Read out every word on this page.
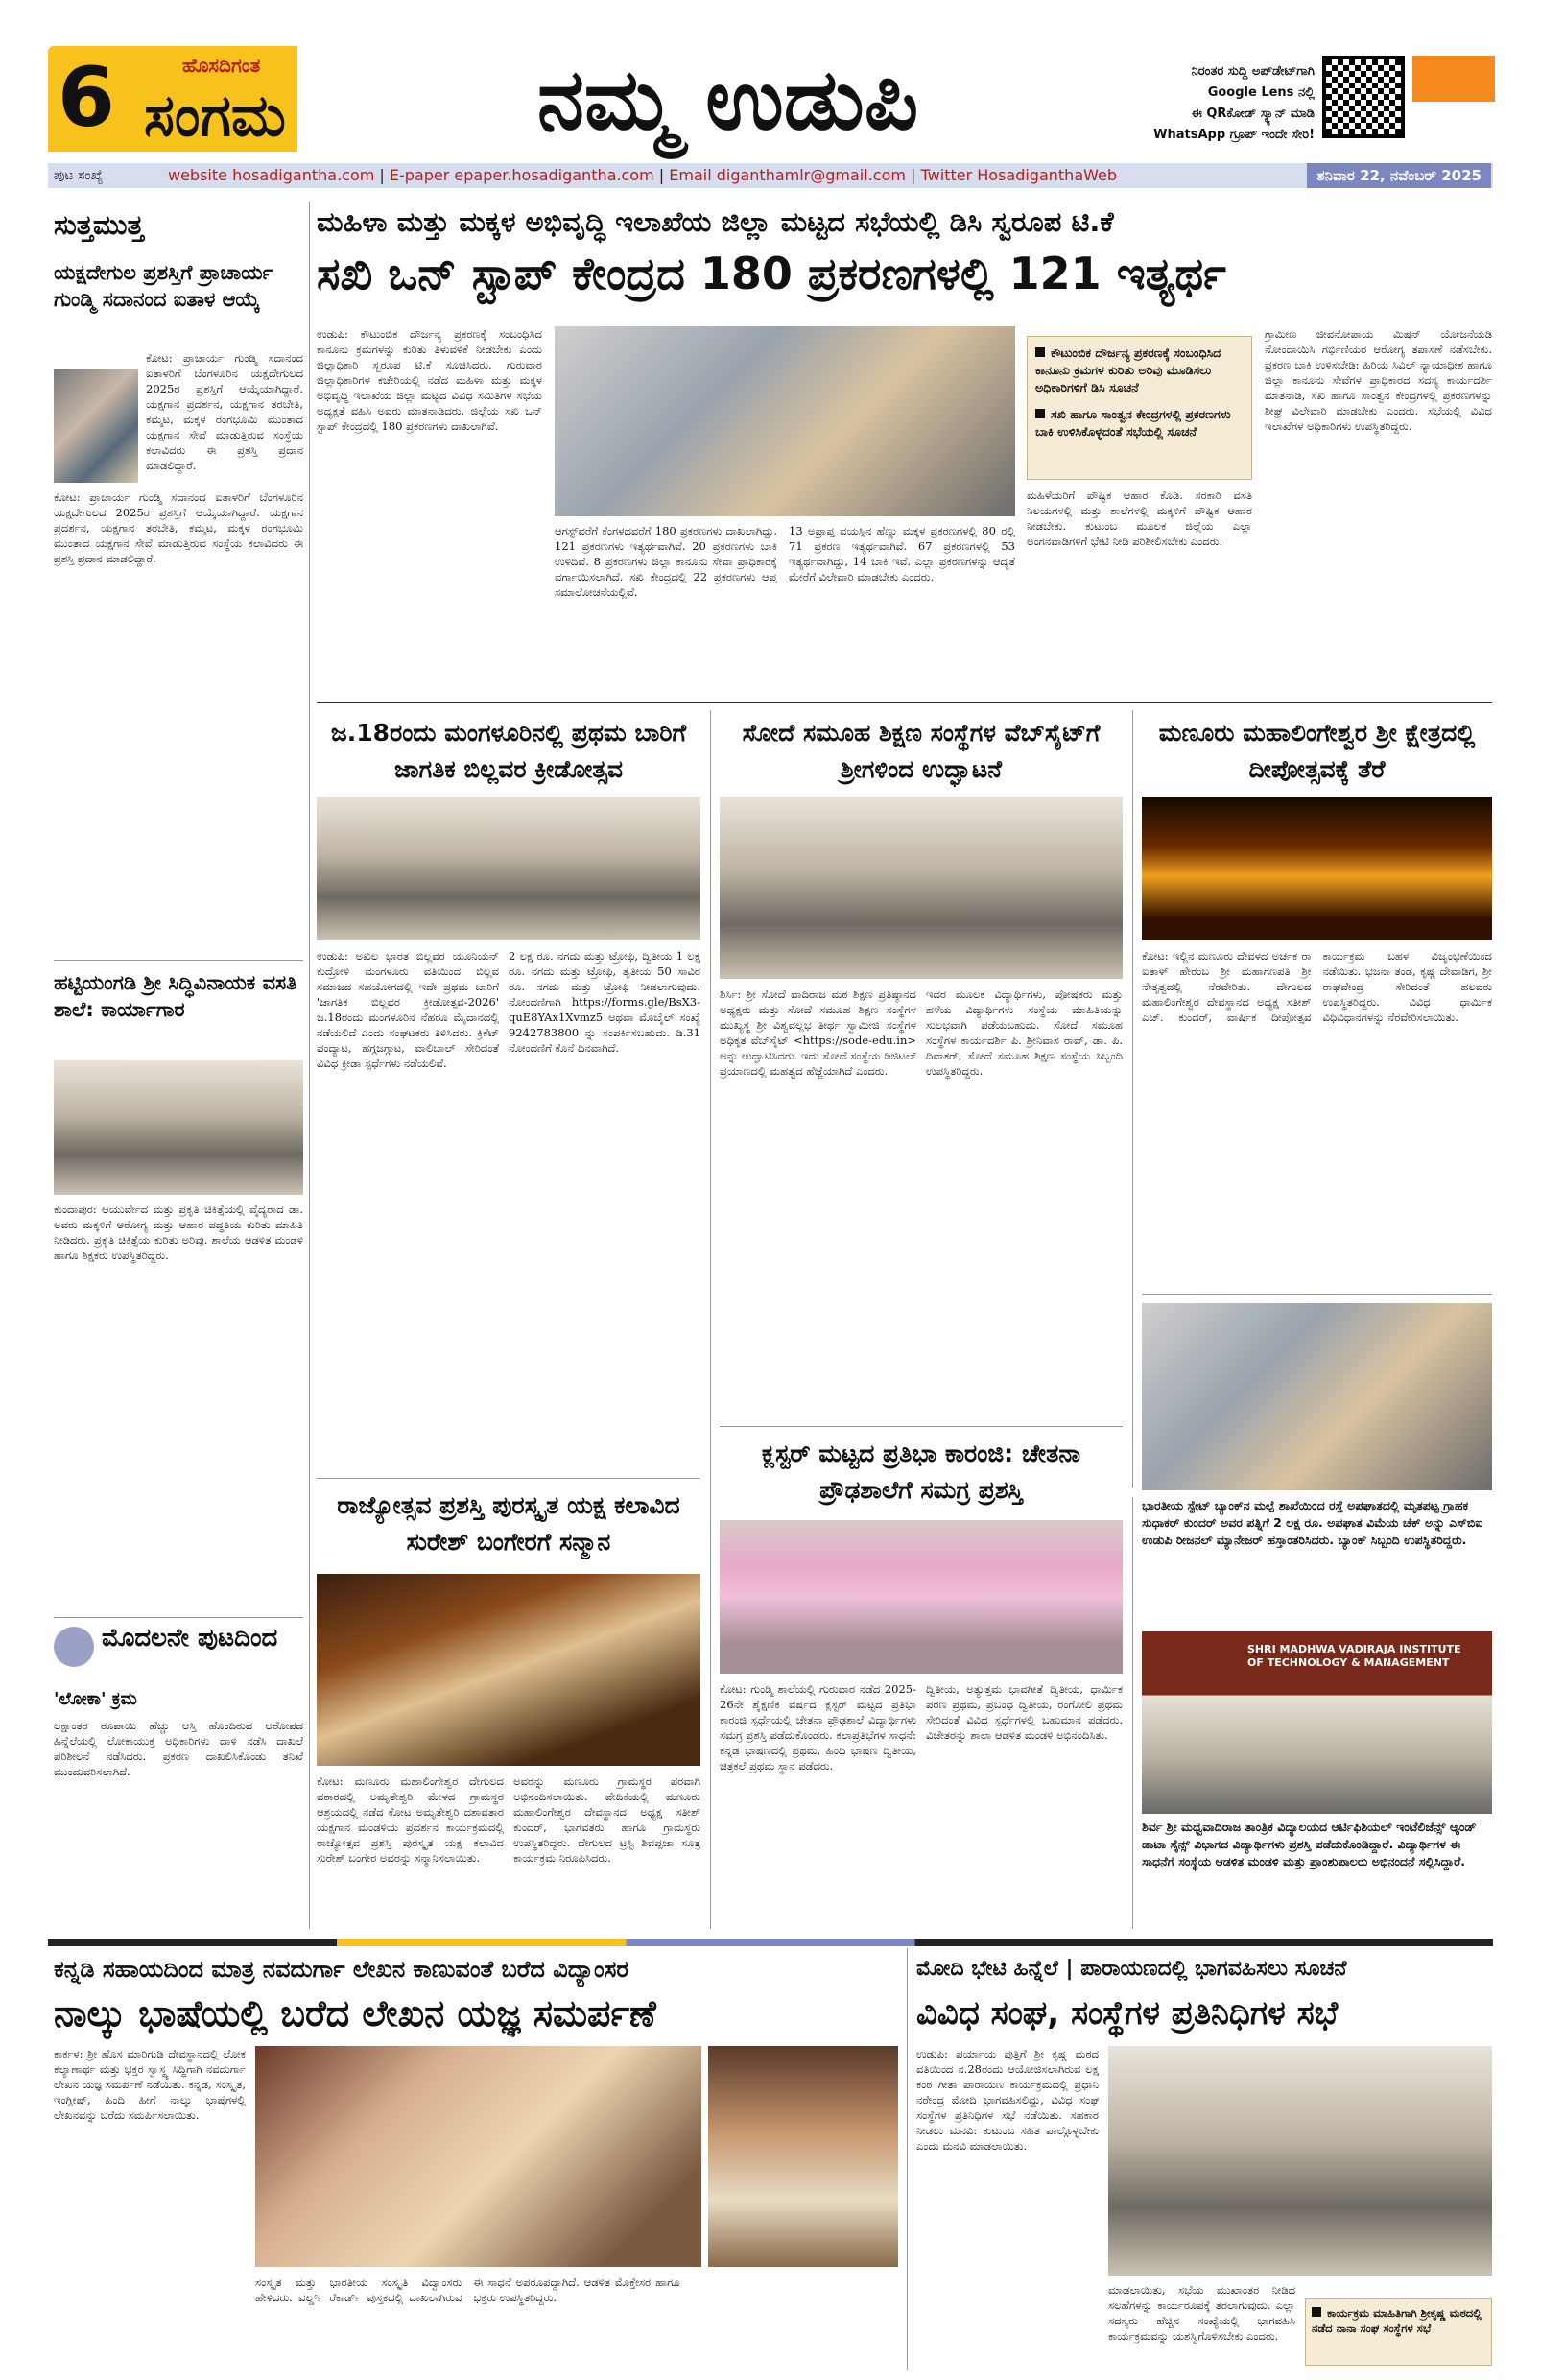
6	ಹೊಸದಿಗಂತ
ಸಂಗಮ	ನಮ್ಮ ಉಡುಪಿ	ನಿರಂತರ ಸುದ್ದಿ ಅಪ್‌ಡೇಟ್‌ಗಾಗಿ
Google Lens ನಲ್ಲಿ
ಈ QRಕೋಡ್ ಸ್ಕ್ಯಾನ್ ಮಾಡಿ
WhatsApp ಗ್ರೂಪ್ ಇಂದೇ ಸೇರಿ!
ಪುಟ ಸಂಖ್ಯೆ	website hosadigantha.com | E-paper epaper.hosadigantha.com | Email diganthamlr@gmail.com | Twitter HosadiganthaWeb	ಶನಿವಾರ 22, ನವೆಂಬರ್ 2025
ಸುತ್ತಮುತ್ತ
ಯಕ್ಷದೇಗುಲ ಪ್ರಶಸ್ತಿಗೆ ಪ್ರಾಚಾರ್ಯ ಗುಂಡ್ಮಿ ಸದಾನಂದ ಐತಾಳ ಆಯ್ಕೆ
ಕೋಟ: ಪ್ರಾಚಾರ್ಯ ಗುಂಡ್ಮಿ ಸದಾನಂದ ಐತಾಳರಿಗೆ ಬೆಂಗಳೂರಿನ ಯಕ್ಷದೇಗುಲದ 2025ರ ಪ್ರಶಸ್ತಿಗೆ ಆಯ್ಕೆಯಾಗಿದ್ದಾರೆ. ಯಕ್ಷಗಾನ ಪ್ರದರ್ಶನ, ಯಕ್ಷಗಾನ ತರಬೇತಿ, ಕಮ್ಮಟ, ಮಕ್ಕಳ ರಂಗಭೂಮಿ ಮುಂತಾದ ಯಕ್ಷಗಾನ ಸೇವೆ ಮಾಡುತ್ತಿರುವ ಸಂಸ್ಥೆಯ ಕಲಾವಿದರು ಈ ಪ್ರಶಸ್ತಿ ಪ್ರದಾನ ಮಾಡಲಿದ್ದಾರೆ.
ಕೋಟ: ಪ್ರಾಚಾರ್ಯ ಗುಂಡ್ಮಿ ಸದಾನಂದ ಐತಾಳರಿಗೆ ಬೆಂಗಳೂರಿನ ಯಕ್ಷದೇಗುಲದ 2025ರ ಪ್ರಶಸ್ತಿಗೆ ಆಯ್ಕೆಯಾಗಿದ್ದಾರೆ. ಯಕ್ಷಗಾನ ಪ್ರದರ್ಶನ, ಯಕ್ಷಗಾನ ತರಬೇತಿ, ಕಮ್ಮಟ, ಮಕ್ಕಳ ರಂಗಭೂಮಿ ಮುಂತಾದ ಯಕ್ಷಗಾನ ಸೇವೆ ಮಾಡುತ್ತಿರುವ ಸಂಸ್ಥೆಯ ಕಲಾವಿದರು ಈ ಪ್ರಶಸ್ತಿ ಪ್ರದಾನ ಮಾಡಲಿದ್ದಾರೆ.
ಹಟ್ಟಿಯಂಗಡಿ ಶ್ರೀ ಸಿದ್ಧಿವಿನಾಯಕ ವಸತಿ ಶಾಲೆ: ಕಾರ್ಯಾಗಾರ
ಕುಂದಾಪುರ: ಆಯುರ್ವೇದ ಮತ್ತು ಪ್ರಕೃತಿ ಚಿಕಿತ್ಸೆಯಲ್ಲಿ ವೈದ್ಯರಾದ ಡಾ. ಅವರು ಮಕ್ಕಳಿಗೆ ಆರೋಗ್ಯ ಮತ್ತು ಆಹಾರ ಪದ್ಧತಿಯ ಕುರಿತು ಮಾಹಿತಿ ನೀಡಿದರು. ಪ್ರಕೃತಿ ಚಿಕಿತ್ಸೆಯ ಕುರಿತು ಅರಿವು. ಶಾಲೆಯ ಆಡಳಿತ ಮಂಡಳಿ ಹಾಗೂ ಶಿಕ್ಷಕರು ಉಪಸ್ಥಿತರಿದ್ದರು.
ಮೊದಲನೇ ಪುಟದಿಂದ
'ಲೋಕಾ' ಕ್ರಮ
ಲಕ್ಷಾಂತರ ರೂಪಾಯಿ ಹೆಚ್ಚು ಆಸ್ತಿ ಹೊಂದಿರುವ ಆರೋಪದ ಹಿನ್ನೆಲೆಯಲ್ಲಿ ಲೋಕಾಯುಕ್ತ ಅಧಿಕಾರಿಗಳು ದಾಳಿ ನಡೆಸಿ ದಾಖಲೆ ಪರಿಶೀಲನೆ ನಡೆಸಿದರು. ಪ್ರಕರಣ ದಾಖಲಿಸಿಕೊಂಡು ತನಿಖೆ ಮುಂದುವರಿಸಲಾಗಿದೆ.
ಮಹಿಳಾ ಮತ್ತು ಮಕ್ಕಳ ಅಭಿವೃದ್ಧಿ ಇಲಾಖೆಯ ಜಿಲ್ಲಾ ಮಟ್ಟದ ಸಭೆಯಲ್ಲಿ ಡಿಸಿ ಸ್ವರೂಪ ಟಿ.ಕೆ
ಸಖಿ ಒನ್ ಸ್ಟಾಪ್ ಕೇಂದ್ರದ 180 ಪ್ರಕರಣಗಳಲ್ಲಿ 121 ಇತ್ಯರ್ಥ
ಉಡುಪಿ: ಕೌಟುಂಬಿಕ ದೌರ್ಜನ್ಯ ಪ್ರಕರಣಕ್ಕೆ ಸಂಬಂಧಿಸಿದ ಕಾನೂನು ಕ್ರಮಗಳನ್ನು ಕುರಿತು ತಿಳುವಳಿಕೆ ನೀಡಬೇಕು ಎಂದು ಜಿಲ್ಲಾಧಿಕಾರಿ ಸ್ವರೂಪ ಟಿ.ಕೆ ಸೂಚಿಸಿದರು. ಗುರುವಾರ ಜಿಲ್ಲಾಧಿಕಾರಿಗಳ ಕಚೇರಿಯಲ್ಲಿ ನಡೆದ ಮಹಿಳಾ ಮತ್ತು ಮಕ್ಕಳ ಅಭಿವೃದ್ಧಿ ಇಲಾಖೆಯ ಜಿಲ್ಲಾ ಮಟ್ಟದ ವಿವಿಧ ಸಮಿತಿಗಳ ಸಭೆಯ ಅಧ್ಯಕ್ಷತೆ ವಹಿಸಿ ಅವರು ಮಾತನಾಡಿದರು. ಜಿಲ್ಲೆಯ ಸಖಿ ಒನ್ ಸ್ಟಾಪ್ ಕೇಂದ್ರದಲ್ಲಿ 180 ಪ್ರಕರಣಗಳು ದಾಖಲಾಗಿವೆ.
ಆಗಸ್ಟ್‌ವರೆಗೆ ಕೆಂಗಳದವರೆಗೆ 180 ಪ್ರಕರಣಗಳು ದಾಖಲಾಗಿದ್ದು, 121 ಪ್ರಕರಣಗಳು ಇತ್ಯರ್ಥವಾಗಿವೆ. 20 ಪ್ರಕರಣಗಳು ಬಾಕಿ ಉಳಿದಿವೆ. 8 ಪ್ರಕರಣಗಳು ಜಿಲ್ಲಾ ಕಾನೂನು ಸೇವಾ ಪ್ರಾಧಿಕಾರಕ್ಕೆ ವರ್ಗಾಯಿಸಲಾಗಿದೆ. ಸಖಿ ಕೇಂದ್ರದಲ್ಲಿ 22 ಪ್ರಕರಣಗಳು ಆಪ್ತ ಸಮಾಲೋಚನೆಯಲ್ಲಿವೆ.
13 ಅಪ್ರಾಪ್ತ ವಯಸ್ಸಿನ ಹೆಣ್ಣು ಮಕ್ಕಳ ಪ್ರಕರಣಗಳಲ್ಲಿ 80 ರಲ್ಲಿ 71 ಪ್ರಕರಣ ಇತ್ಯರ್ಥವಾಗಿವೆ. 67 ಪ್ರಕರಣಗಳಲ್ಲಿ 53 ಇತ್ಯರ್ಥವಾಗಿದ್ದು, 14 ಬಾಕಿ ಇವೆ. ಎಲ್ಲಾ ಪ್ರಕರಣಗಳನ್ನು ಆದ್ಯತೆ ಮೇರೆಗೆ ವಿಲೇವಾರಿ ಮಾಡಬೇಕು ಎಂದರು.
ಕೌಟುಂಬಿಕ ದೌರ್ಜನ್ಯ ಪ್ರಕರಣಕ್ಕೆ ಸಂಬಂಧಿಸಿದ ಕಾನೂನು ಕ್ರಮಗಳ ಕುರಿತು ಅರಿವು ಮೂಡಿಸಲು ಅಧಿಕಾರಿಗಳಿಗೆ ಡಿಸಿ ಸೂಚನೆ
ಸಖಿ ಹಾಗೂ ಸಾಂತ್ವನ ಕೇಂದ್ರಗಳಲ್ಲಿ ಪ್ರಕರಣಗಳು ಬಾಕಿ ಉಳಿಸಿಕೊಳ್ಳದಂತೆ ಸಭೆಯಲ್ಲಿ ಸೂಚನೆ
ಮಹಿಳೆಯರಿಗೆ ಪೌಷ್ಟಿಕ ಆಹಾರ ಕೊಡಿ. ಸರಕಾರಿ ವಸತಿ ನಿಲಯಗಳಲ್ಲಿ ಮತ್ತು ಶಾಲೆಗಳಲ್ಲಿ ಮಕ್ಕಳಿಗೆ ಪೌಷ್ಟಿಕ ಆಹಾರ ನೀಡಬೇಕು. ಕುಟುಂಬ ಮೂಲಕ ಜಿಲ್ಲೆಯ ಎಲ್ಲಾ ಅಂಗನವಾಡಿಗಳಿಗೆ ಭೇಟಿ ನೀಡಿ ಪರಿಶೀಲಿಸಬೇಕು ಎಂದರು.
ಗ್ರಾಮೀಣ ಜೀವನೋಪಾಯ ಮಿಷನ್ ಯೋಜನೆಯಡಿ ನೋಂದಾಯಿಸಿ ಗರ್ಭಿಣಿಯರ ಆರೋಗ್ಯ ತಪಾಸಣೆ ನಡೆಸಬೇಕು. ಪ್ರಕರಣ ಬಾಕಿ ಉಳಿಸಬೇಡಿ: ಹಿರಿಯ ಸಿವಿಲ್ ನ್ಯಾಯಾಧೀಶ ಹಾಗೂ ಜಿಲ್ಲಾ ಕಾನೂನು ಸೇವೆಗಳ ಪ್ರಾಧಿಕಾರದ ಸದಸ್ಯ ಕಾರ್ಯದರ್ಶಿ ಮಾತನಾಡಿ, ಸಖಿ ಹಾಗೂ ಸಾಂತ್ವನ ಕೇಂದ್ರಗಳಲ್ಲಿ ಪ್ರಕರಣಗಳನ್ನು ಶೀಘ್ರ ವಿಲೇವಾರಿ ಮಾಡಬೇಕು ಎಂದರು. ಸಭೆಯಲ್ಲಿ ವಿವಿಧ ಇಲಾಖೆಗಳ ಅಧಿಕಾರಿಗಳು ಉಪಸ್ಥಿತರಿದ್ದರು.
ಜ.18ರಂದು ಮಂಗಳೂರಿನಲ್ಲಿ ಪ್ರಥಮ ಬಾರಿಗೆ ಜಾಗತಿಕ ಬಿಲ್ಲವರ ಕ್ರೀಡೋತ್ಸವ
ಉಡುಪಿ: ಅಖಿಲ ಭಾರತ ಬಿಲ್ಲವರ ಯೂನಿಯನ್ ಕುದ್ರೋಳಿ ಮಂಗಳೂರು ವತಿಯಿಂದ ಬಿಲ್ಲವ ಸಮಾಜದ ಸಹಯೋಗದಲ್ಲಿ ಇದೇ ಪ್ರಥಮ ಬಾರಿಗೆ 'ಜಾಗತಿಕ ಬಿಲ್ಲವರ ಕ್ರೀಡೋತ್ಸವ-2026' ಜ.18ರಂದು ಮಂಗಳೂರಿನ ನೆಹರೂ ಮೈದಾನದಲ್ಲಿ ನಡೆಯಲಿದೆ ಎಂದು ಸಂಘಟಕರು ತಿಳಿಸಿದರು. ಕ್ರಿಕೆಟ್ ಪಂದ್ಯಾಟ, ಹಗ್ಗಜಗ್ಗಾಟ, ವಾಲಿಬಾಲ್ ಸೇರಿದಂತೆ ವಿವಿಧ ಕ್ರೀಡಾ ಸ್ಪರ್ಧೆಗಳು ನಡೆಯಲಿವೆ.
2 ಲಕ್ಷ ರೂ. ನಗದು ಮತ್ತು ಟ್ರೋಫಿ, ದ್ವಿತೀಯ 1 ಲಕ್ಷ ರೂ. ನಗದು ಮತ್ತು ಟ್ರೋಫಿ, ತೃತೀಯ 50 ಸಾವಿರ ರೂ. ನಗದು ಮತ್ತು ಟ್ರೋಫಿ ನೀಡಲಾಗುವುದು. ನೋಂದಣಿಗಾಗಿ https://forms.gle/BsX3-quE8YAx1Xvmz5 ಅಥವಾ ಮೊಬೈಲ್ ಸಂಖ್ಯೆ 9242783800 ನ್ನು ಸಂಪರ್ಕಿಸಬಹುದು. ಡಿ.31 ನೋಂದಣಿಗೆ ಕೊನೆ ದಿನವಾಗಿದೆ.
ಸೋದೆ ಸಮೂಹ ಶಿಕ್ಷಣ ಸಂಸ್ಥೆಗಳ ವೆಬ್‌ಸೈಟ್‌ಗೆ ಶ್ರೀಗಳಿಂದ ಉದ್ಘಾಟನೆ
ಶಿರ್ಸಿ: ಶ್ರೀ ಸೋದೆ ವಾದಿರಾಜ ಮಠ ಶಿಕ್ಷಣ ಪ್ರತಿಷ್ಠಾನದ ಅಧ್ಯಕ್ಷರು ಮತ್ತು ಸೋದೆ ಸಮೂಹ ಶಿಕ್ಷಣ ಸಂಸ್ಥೆಗಳ ಮುಖ್ಯಸ್ಥ ಶ್ರೀ ವಿಶ್ವವಲ್ಲಭ ತೀರ್ಥ ಸ್ವಾಮೀಜಿ ಸಂಸ್ಥೆಗಳ ಅಧಿಕೃತ ವೆಬ್‌ಸೈಟ್ <https://sode-edu.in> ಅನ್ನು ಉದ್ಘಾಟಿಸಿದರು. ಇದು ಸೋದೆ ಸಂಸ್ಥೆಯ ಡಿಜಿಟಲ್ ಪ್ರಯಾಣದಲ್ಲಿ ಮಹತ್ವದ ಹೆಜ್ಜೆಯಾಗಿದೆ ಎಂದರು.
ಇದರ ಮೂಲಕ ವಿದ್ಯಾರ್ಥಿಗಳು, ಪೋಷಕರು ಮತ್ತು ಹಳೆಯ ವಿದ್ಯಾರ್ಥಿಗಳು ಸಂಸ್ಥೆಯ ಮಾಹಿತಿಯನ್ನು ಸುಲಭವಾಗಿ ಪಡೆಯಬಹುದು. ಸೋದೆ ಸಮೂಹ ಸಂಸ್ಥೆಗಳ ಕಾರ್ಯದರ್ಶಿ ಪಿ. ಶ್ರೀನಿವಾಸ ರಾವ್, ಡಾ. ಪಿ. ದಿವಾಕರ್, ಸೋದೆ ಸಮೂಹ ಶಿಕ್ಷಣ ಸಂಸ್ಥೆಯ ಸಿಬ್ಬಂದಿ ಉಪಸ್ಥಿತರಿದ್ದರು.
ಮಣೂರು ಮಹಾಲಿಂಗೇಶ್ವರ ಶ್ರೀ ಕ್ಷೇತ್ರದಲ್ಲಿ ದೀಪೋತ್ಸವಕ್ಕೆ ತೆರೆ
ಕೋಟ: ಇಲ್ಲಿನ ಮಣೂರು ದೇವಳದ ಅರ್ಚಕ ರಾ ಐತಾಳ್ ಹೇರಂಬ ಶ್ರೀ ಮಹಾಗಣಪತಿ ಶ್ರೀ ನೇತೃತ್ವದಲ್ಲಿ ನೆರವೇರಿತು. ದೇಗುಲದ ಮಹಾಲಿಂಗೇಶ್ವರ ದೇವಸ್ಥಾನದ ಅಧ್ಯಕ್ಷ ಸತೀಶ್ ಎಚ್. ಕುಂದರ್, ವಾರ್ಷಿಕ ದೀಪೋತ್ಸವ ಕಾರ್ಯಕ್ರಮ ಬಹಳ ವಿಜೃಂಭಣೆಯಿಂದ ನಡೆಯಿತು. ಭಜನಾ ತಂಡ, ಕೃಷ್ಣ ದೇವಾಡಿಗ, ಶ್ರೀ ರಾಘವೇಂದ್ರ ಸೇರಿದಂತೆ ಹಲವರು ಉಪಸ್ಥಿತರಿದ್ದರು. ವಿವಿಧ ಧಾರ್ಮಿಕ ವಿಧಿವಿಧಾನಗಳನ್ನು ನೆರವೇರಿಸಲಾಯಿತು.
ಭಾರತೀಯ ಸ್ಟೇಟ್ ಬ್ಯಾಂಕ್‌ನ ಮಲ್ಪೆ ಶಾಖೆಯಿಂದ ರಸ್ತೆ ಅಪಘಾತದಲ್ಲಿ ಮೃತಪಟ್ಟ ಗ್ರಾಹಕ ಸುಧಾಕರ್ ಕುಂದರ್ ಅವರ ಪತ್ನಿಗೆ 2 ಲಕ್ಷ ರೂ. ಅಪಘಾತ ವಿಮೆಯ ಚೆಕ್ ಅನ್ನು ಎಸ್‌ಬಿಐ ಉಡುಪಿ ರೀಜನಲ್ ಮ್ಯಾನೇಜರ್ ಹಸ್ತಾಂತರಿಸಿದರು. ಬ್ಯಾಂಕ್ ಸಿಬ್ಬಂದಿ ಉಪಸ್ಥಿತರಿದ್ದರು.
ರಾಜ್ಯೋತ್ಸವ ಪ್ರಶಸ್ತಿ ಪುರಸ್ಕೃತ ಯಕ್ಷ ಕಲಾವಿದ ಸುರೇಶ್ ಬಂಗೇರಗೆ ಸನ್ಮಾನ
ಕೋಟ: ಮಣೂರು ಮಹಾಲಿಂಗೇಶ್ವರ ದೇಗುಲದ ವಠಾರದಲ್ಲಿ ಅಮೃತೇಶ್ವರಿ ಮೇಳದ ಗ್ರಾಮಸ್ಥರ ಆಶ್ರಯದಲ್ಲಿ ನಡೆದ ಕೋಟ ಅಮೃತೇಶ್ವರಿ ದಶಾವತಾರ ಯಕ್ಷಗಾನ ಮಂಡಳಿಯ ಪ್ರದರ್ಶನ ಕಾರ್ಯಕ್ರಮದಲ್ಲಿ ರಾಜ್ಯೋತ್ಸವ ಪ್ರಶಸ್ತಿ ಪುರಸ್ಕೃತ ಯಕ್ಷ ಕಲಾವಿದ ಸುರೇಶ್ ಬಂಗೇರ ಅವರನ್ನು ಸನ್ಮಾನಿಸಲಾಯಿತು.
ಅವರನ್ನು ಮಣೂರು ಗ್ರಾಮಸ್ಥರ ಪರವಾಗಿ ಅಭಿನಂದಿಸಲಾಯಿತು. ವೇದಿಕೆಯಲ್ಲಿ ಮಣೂರು ಮಹಾಲಿಂಗೇಶ್ವರ ದೇವಸ್ಥಾನದ ಅಧ್ಯಕ್ಷ ಸತೀಶ್ ಕುಂದರ್, ಭಾಗವತರು ಹಾಗೂ ಗ್ರಾಮಸ್ಥರು ಉಪಸ್ಥಿತರಿದ್ದರು. ದೇಗುಲದ ಟ್ರಸ್ಟಿ ಶಿವಪ್ಪಜಾ ಸೂತ್ರ ಕಾರ್ಯಕ್ರಮ ನಿರೂಪಿಸಿದರು.
ಕ್ಲಸ್ಟರ್ ಮಟ್ಟದ ಪ್ರತಿಭಾ ಕಾರಂಜಿ: ಚೇತನಾ ಪ್ರೌಢಶಾಲೆಗೆ ಸಮಗ್ರ ಪ್ರಶಸ್ತಿ
ಕೋಟ: ಗುಂಡ್ಮಿ ಶಾಲೆಯಲ್ಲಿ ಗುರುವಾರ ನಡೆದ 2025-26ನೇ ಶೈಕ್ಷಣಿಕ ವರ್ಷದ ಕ್ಲಸ್ಟರ್ ಮಟ್ಟದ ಪ್ರತಿಭಾ ಕಾರಂಜಿ ಸ್ಪರ್ಧೆಯಲ್ಲಿ ಚೇತನಾ ಪ್ರೌಢಶಾಲೆ ವಿದ್ಯಾರ್ಥಿಗಳು ಸಮಗ್ರ ಪ್ರಶಸ್ತಿ ಪಡೆದುಕೊಂಡರು. ಕಲಾಪ್ರತಿಭೆಗಳ ಸಾಧನೆ: ಕನ್ನಡ ಭಾಷಣದಲ್ಲಿ ಪ್ರಥಮ, ಹಿಂದಿ ಭಾಷಣ ದ್ವಿತೀಯ, ಚಿತ್ರಕಲೆ ಪ್ರಥಮ ಸ್ಥಾನ ಪಡೆದರು.
ದ್ವಿತೀಯ, ಅತ್ಯುತ್ತಮ ಭಾವಗೀತೆ ದ್ವಿತೀಯ, ಧಾರ್ಮಿಕ ಪಠಣ ಪ್ರಥಮ, ಪ್ರಬಂಧ ದ್ವಿತೀಯ, ರಂಗೋಲಿ ಪ್ರಥಮ ಸೇರಿದಂತೆ ವಿವಿಧ ಸ್ಪರ್ಧೆಗಳಲ್ಲಿ ಬಹುಮಾನ ಪಡೆದರು. ವಿಜೇತರನ್ನು ಶಾಲಾ ಆಡಳಿತ ಮಂಡಳಿ ಅಭಿನಂದಿಸಿತು.
SHRI MADHWA VADIRAJA INSTITUTE OF TECHNOLOGY & MANAGEMENT
ಶಿರ್ವ ಶ್ರೀ ಮಧ್ವವಾದಿರಾಜ ತಾಂತ್ರಿಕ ವಿದ್ಯಾಲಯದ ಆರ್ಟಿಫಿಶಿಯಲ್ ಇಂಟೆಲಿಜೆನ್ಸ್ ಆ್ಯಂಡ್ ಡಾಟಾ ಸೈನ್ಸ್ ವಿಭಾಗದ ವಿದ್ಯಾರ್ಥಿಗಳು ಪ್ರಶಸ್ತಿ ಪಡೆದುಕೊಂಡಿದ್ದಾರೆ. ವಿದ್ಯಾರ್ಥಿಗಳ ಈ ಸಾಧನೆಗೆ ಸಂಸ್ಥೆಯ ಆಡಳಿತ ಮಂಡಳಿ ಮತ್ತು ಪ್ರಾಂಶುಪಾಲರು ಅಭಿನಂದನೆ ಸಲ್ಲಿಸಿದ್ದಾರೆ.
ಕನ್ನಡಿ ಸಹಾಯದಿಂದ ಮಾತ್ರ ನವದುರ್ಗಾ ಲೇಖನ ಕಾಣುವಂತೆ ಬರೆದ ವಿದ್ಯಾಂಸರ
ನಾಲ್ಕು ಭಾಷೆಯಲ್ಲಿ ಬರೆದ ಲೇಖನ ಯಜ್ಞ ಸಮರ್ಪಣೆ
ಕಾರ್ಕಳ: ಶ್ರೀ ಹೊಸ ಮಾರಿಗುಡಿ ದೇವಸ್ಥಾನದಲ್ಲಿ ಲೋಕ ಕಲ್ಯಾಣಾರ್ಥ ಮತ್ತು ಭಕ್ತರ ಸ್ವಾಸ್ಥ್ಯ ಸಿದ್ಧಿಗಾಗಿ ನವದುರ್ಗಾ ಲೇಖನ ಯಜ್ಞ ಸಮರ್ಪಣೆ ನಡೆಯಿತು. ಕನ್ನಡ, ಸಂಸ್ಕೃತ, ಇಂಗ್ಲೀಷ್, ಹಿಂದಿ ಹೀಗೆ ನಾಲ್ಕು ಭಾಷೆಗಳಲ್ಲಿ ಲೇಖನವನ್ನು ಬರೆದು ಸಮರ್ಪಿಸಲಾಯಿತು.
ಸಂಸ್ಕೃತ ಮತ್ತು ಭಾರತೀಯ ಸಂಸ್ಕೃತಿ ವಿದ್ವಾಂಸರು ಹೇಳಿದರು. ವರ್ಲ್ಡ್ ರೆಕಾರ್ಡ್ ಪುಸ್ತಕದಲ್ಲಿ ದಾಖಲಾಗಿರುವ ಈ ಸಾಧನೆ ಅಪರೂಪದ್ದಾಗಿದೆ. ಆಡಳಿತ ಮೊಕ್ತೇಸರ ಹಾಗೂ ಭಕ್ತರು ಉಪಸ್ಥಿತರಿದ್ದರು.
ಮೋದಿ ಭೇಟಿ ಹಿನ್ನೆಲೆ | ಪಾರಾಯಣದಲ್ಲಿ ಭಾಗವಹಿಸಲು ಸೂಚನೆ
ವಿವಿಧ ಸಂಘ, ಸಂಸ್ಥೆಗಳ ಪ್ರತಿನಿಧಿಗಳ ಸಭೆ
ಉಡುಪಿ: ಪರ್ಯಾಯ ಪುತ್ತಿಗೆ ಶ್ರೀ ಕೃಷ್ಣ ಮಠದ ವತಿಯಿಂದ ನ.28ರಂದು ಆಯೋಜಿಸಲಾಗಿರುವ ಲಕ್ಷ ಕಂಠ ಗೀತಾ ಪಾರಾಯಣ ಕಾರ್ಯಕ್ರಮದಲ್ಲಿ ಪ್ರಧಾನಿ ನರೇಂದ್ರ ಮೋದಿ ಭಾಗವಹಿಸಲಿದ್ದು, ವಿವಿಧ ಸಂಘ ಸಂಸ್ಥೆಗಳ ಪ್ರತಿನಿಧಿಗಳ ಸಭೆ ನಡೆಯಿತು. ಸಹಕಾರ ನೀಡಲು ಮನವಿ: ಕುಟುಂಬ ಸಹಿತ ಪಾಲ್ಗೊಳ್ಳಬೇಕು ಎಂದು ಮನವಿ ಮಾಡಲಾಯಿತು.
ಮಾಡಲಾಯಿತು, ಸಭೆಯ ಮುಖಾಂತರ ನೀಡಿದ ಸಲಹೆಗಳನ್ನು ಕಾರ್ಯರೂಪಕ್ಕೆ ತರಲಾಗುವುದು. ಎಲ್ಲಾ ಸದಸ್ಯರು ಹೆಚ್ಚಿನ ಸಂಖ್ಯೆಯಲ್ಲಿ ಭಾಗವಹಿಸಿ ಕಾರ್ಯಕ್ರಮವನ್ನು ಯಶಸ್ವಿಗೊಳಿಸಬೇಕು ಎಂದರು.
ಕಾರ್ಯಕ್ರಮ ಮಾಹಿತಿಗಾಗಿ ಶ್ರೀಕೃಷ್ಣ ಮಠದಲ್ಲಿ ನಡೆದ ನಾನಾ ಸಂಘ ಸಂಸ್ಥೆಗಳ ಸಭೆ
